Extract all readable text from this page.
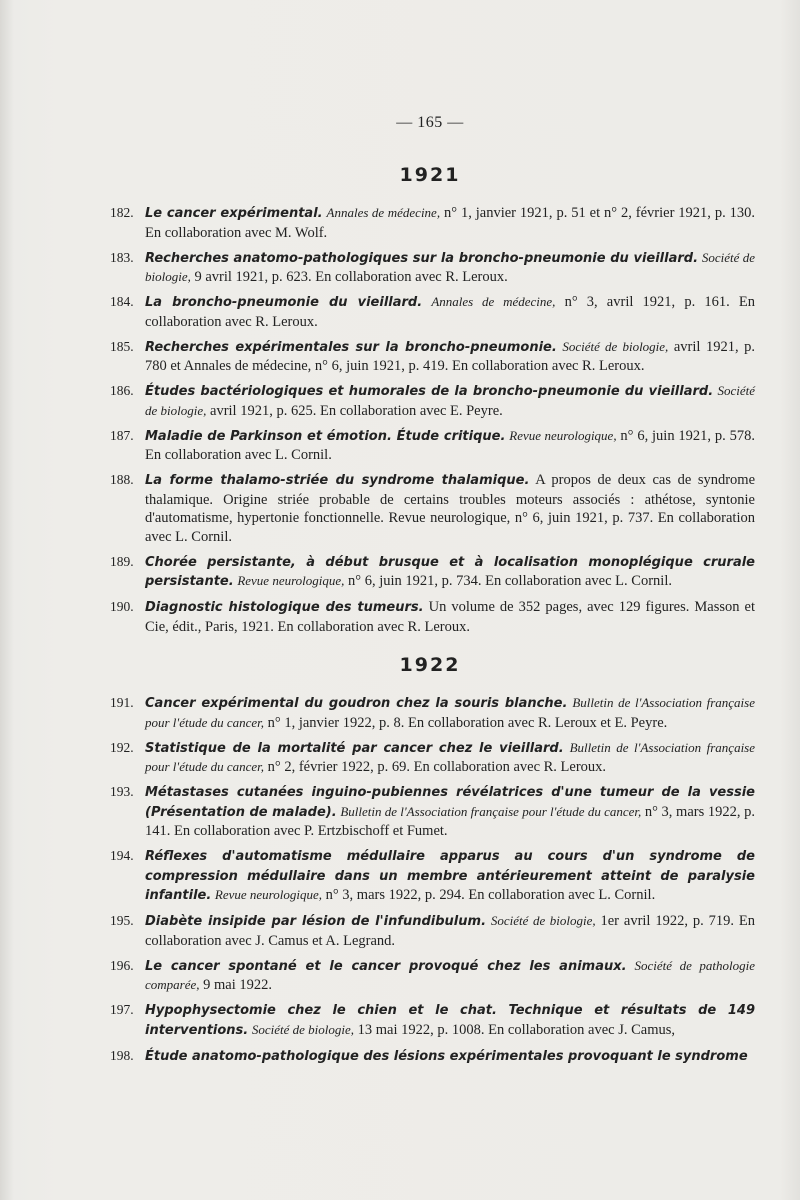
— 165 —
1921
182. Le cancer expérimental. Annales de médecine, n° 1, janvier 1921, p. 51 et n° 2, février 1921, p. 130. En collaboration avec M. Wolf.
183. Recherches anatomo-pathologiques sur la broncho-pneumonie du vieillard. Société de biologie, 9 avril 1921, p. 623. En collaboration avec R. Leroux.
184. La broncho-pneumonie du vieillard. Annales de médecine, n° 3, avril 1921, p. 161. En collaboration avec R. Leroux.
185. Recherches expérimentales sur la broncho-pneumonie. Société de biologie, avril 1921, p. 780 et Annales de médecine, n° 6, juin 1921, p. 419. En collaboration avec R. Leroux.
186. Études bactériologiques et humorales de la broncho-pneumonie du vieillard. Société de biologie, avril 1921, p. 625. En collaboration avec E. Peyre.
187. Maladie de Parkinson et émotion. Étude critique. Revue neurologique, n° 6, juin 1921, p. 578. En collaboration avec L. Cornil.
188. La forme thalamo-striée du syndrome thalamique. A propos de deux cas de syndrome thalamique. Origine striée probable de certains troubles moteurs associés : athétose, syntonie d'automatisme, hypertonie fonctionnelle. Revue neurologique, n° 6, juin 1921, p. 737. En collaboration avec L. Cornil.
189. Chorée persistante, à début brusque et à localisation monoplégique crurale persistante. Revue neurologique, n° 6, juin 1921, p. 734. En collaboration avec L. Cornil.
190. Diagnostic histologique des tumeurs. Un volume de 352 pages, avec 129 figures. Masson et Cie, édit., Paris, 1921. En collaboration avec R. Leroux.
1922
191. Cancer expérimental du goudron chez la souris blanche. Bulletin de l'Association française pour l'étude du cancer, n° 1, janvier 1922, p. 8. En collaboration avec R. Leroux et E. Peyre.
192. Statistique de la mortalité par cancer chez le vieillard. Bulletin de l'Association française pour l'étude du cancer, n° 2, février 1922, p. 69. En collaboration avec R. Leroux.
193. Métastases cutanées inguino-pubiennes révélatrices d'une tumeur de la vessie (Présentation de malade). Bulletin de l'Association française pour l'étude du cancer, n° 3, mars 1922, p. 141. En collaboration avec P. Ertzbischoff et Fumet.
194. Réflexes d'automatisme médullaire apparus au cours d'un syndrome de compression médullaire dans un membre antérieurement atteint de paralysie infantile. Revue neurologique, n° 3, mars 1922, p. 294. En collaboration avec L. Cornil.
195. Diabète insipide par lésion de l'infundibulum. Société de biologie, 1er avril 1922, p. 719. En collaboration avec J. Camus et A. Legrand.
196. Le cancer spontané et le cancer provoqué chez les animaux. Société de pathologie comparée, 9 mai 1922.
197. Hypophysectomie chez le chien et le chat. Technique et résultats de 149 interventions. Société de biologie, 13 mai 1922, p. 1008. En collaboration avec J. Camus,
198. Étude anatomo-pathologique des lésions expérimentales provoquant le syndrome
